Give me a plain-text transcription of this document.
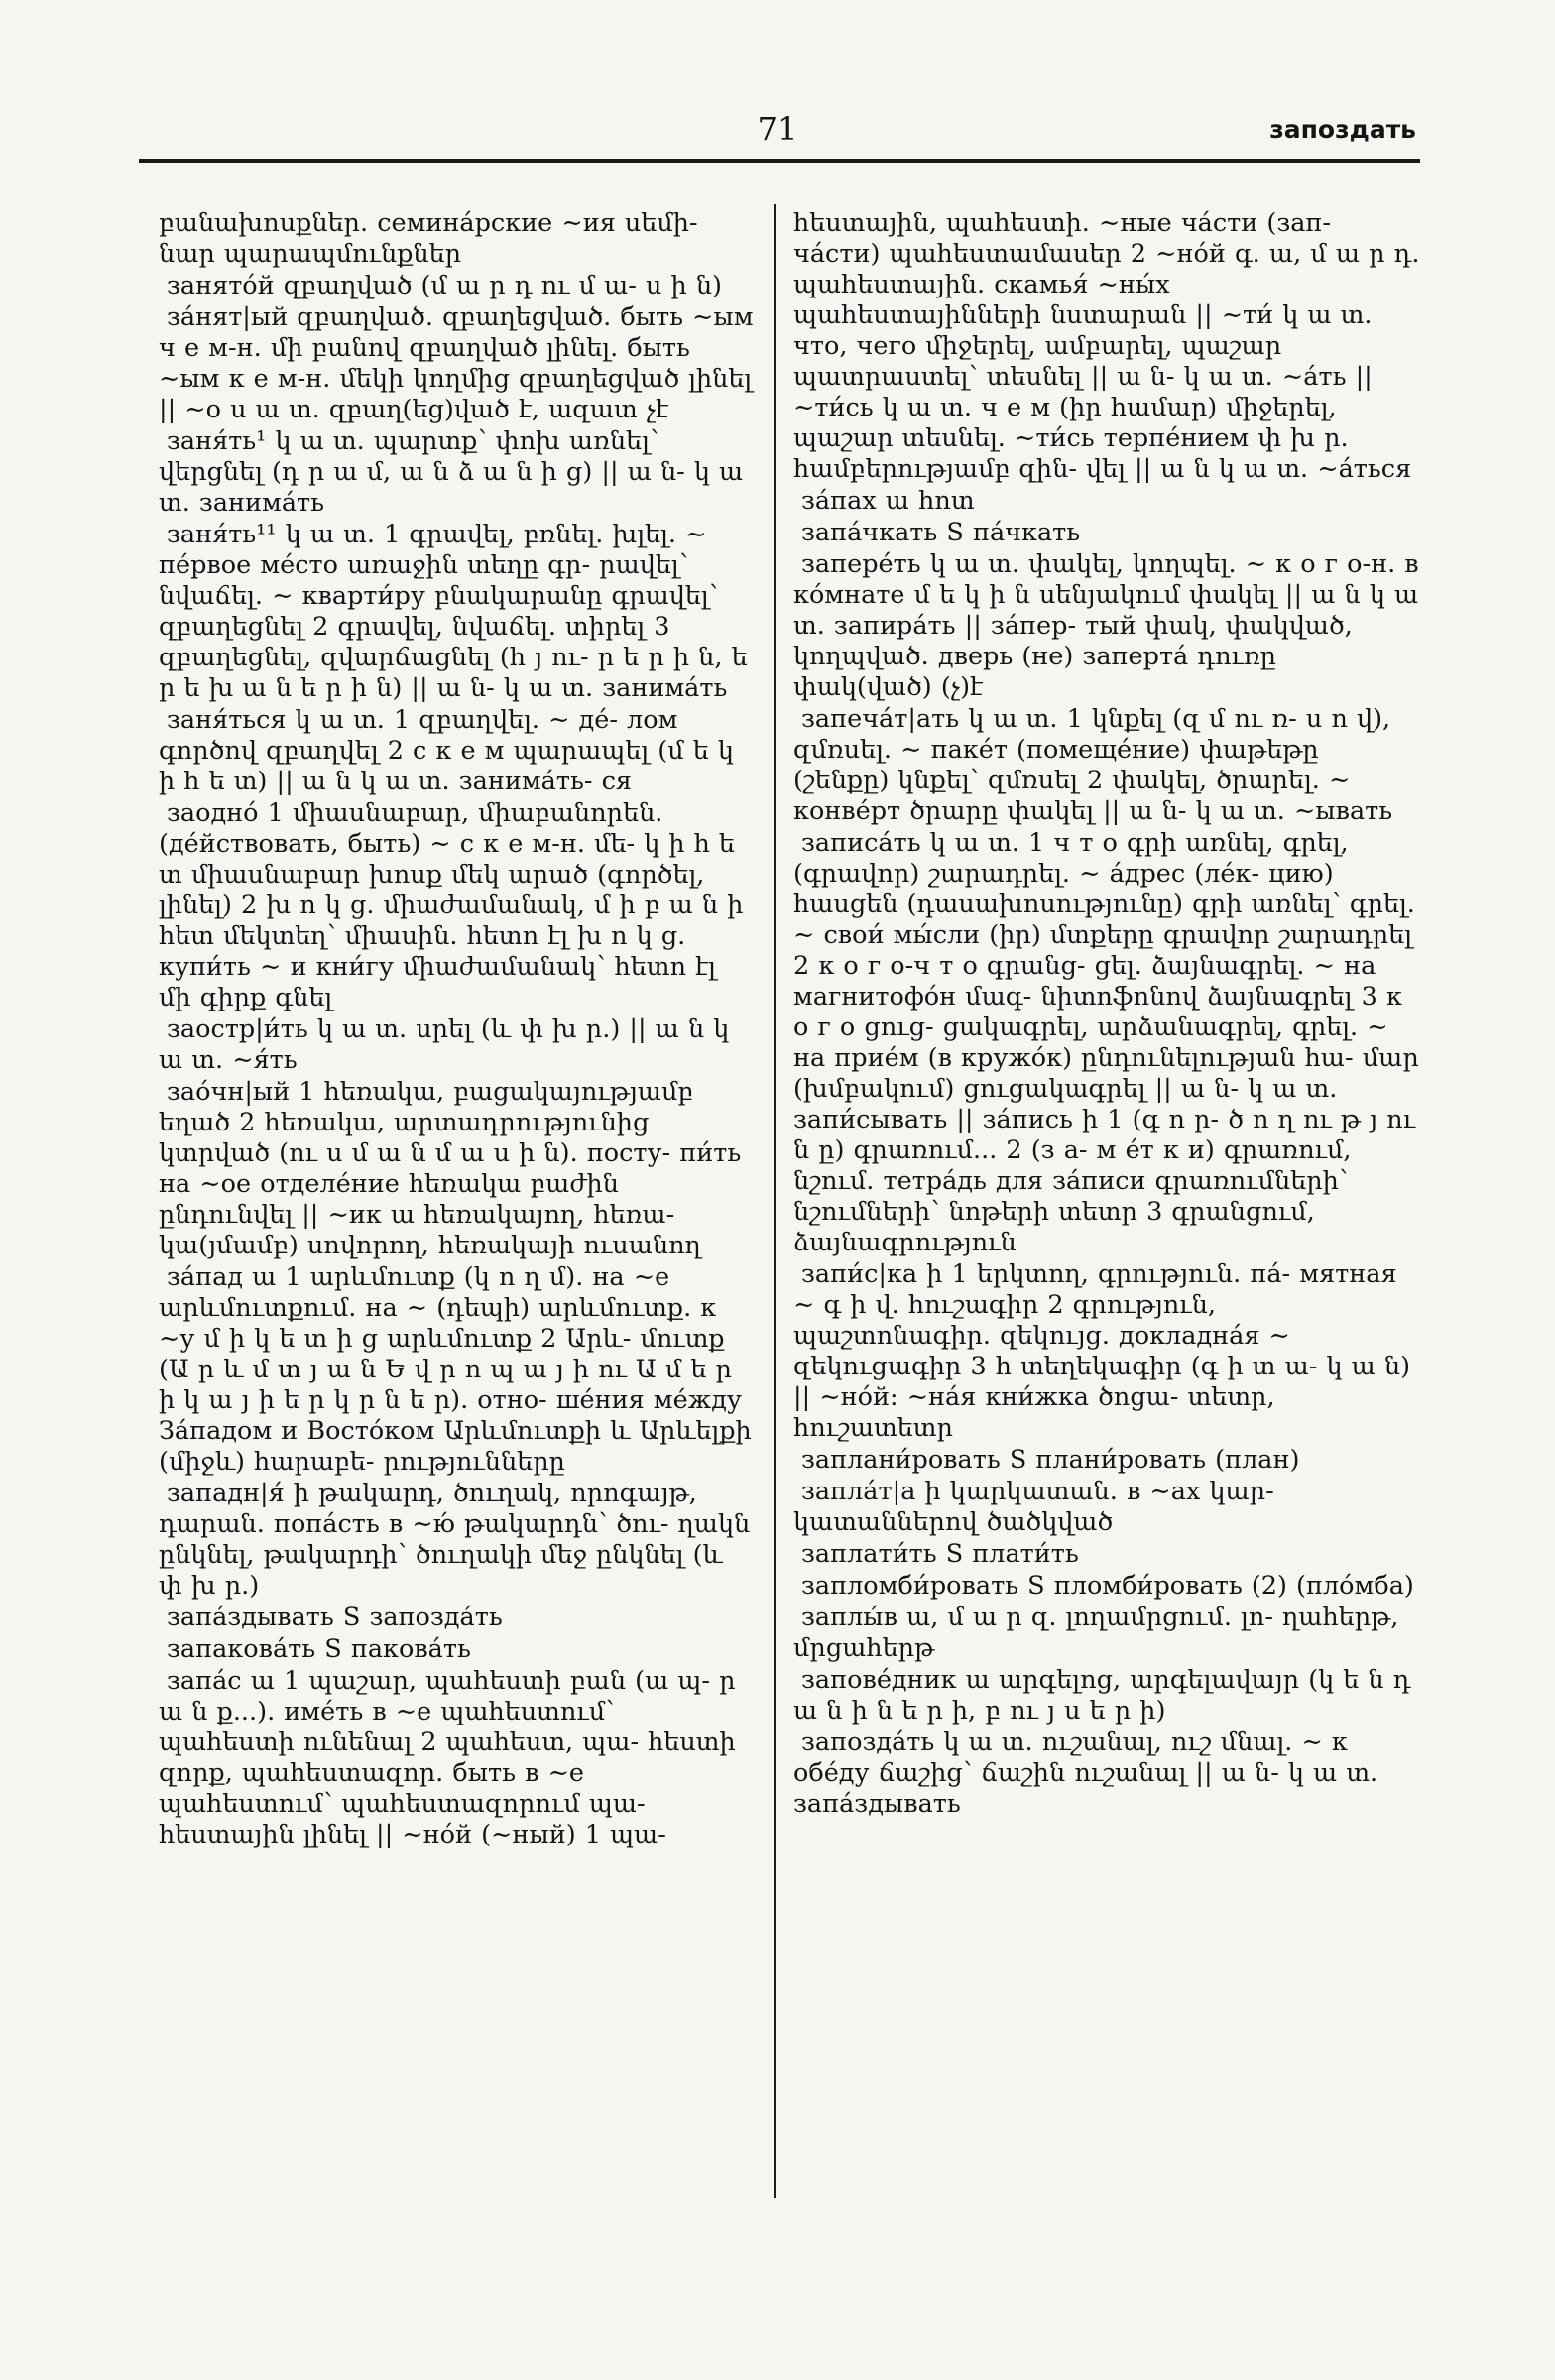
71	запоздать

բանախոսքներ. семина́рские ∼ия սեմի- նար պարապմունքներ

занято́й զբաղված (մ ա ր դ ու մ ա- ս ի ն)

за́нят|ый զբաղված. զբաղեցված. быть ∼ым ч е м-н. մի բանով զբաղված լինել. быть ∼ым к е м-н. մեկի կողմից զբաղեցված լինել || ∼о ս ա տ. զբաղ(եց)ված է, ազատ չէ

заня́ть¹ կ ա տ. պարտք՝ փոխ առնել՝ վերցնել (դ ր ա մ, ա ն ձ ա ն ի ց) || ա ն- կ ա տ. занима́ть

заня́ть¹¹ կ ա տ. 1 գրավել, բռնել. խլել. ∼ пе́рвое ме́сто առաջին տեղը գր- րավել՝ նվաճել. ∼ кварти́ру բնակարանը գրավել՝ զբաղեցնել 2 գրավել, նվաճել. տիրել 3 զբաղեցնել, զվարճացնել (հ յ ու- ր ե ր ի ն, ե ր ե խ ա ն ե ր ի ն) || ա ն- կ ա տ. занима́ть

заня́ться կ ա տ. 1 զբաղվել. ∼ де́- лом գործով զբաղվել 2 с к е м պարապել (մ ե կ ի հ ե տ) || ա ն կ ա տ. занима́ть- ся

заодно́ 1 միասնաբար, միաբանորեն. (де́йствовать, быть) ∼ с к е м-н. մե- կ ի հ ե տ միասնաբար խոսք մեկ արած (գործել, լինել) 2 խ ո կ ց. միաժամանակ, մ ի բ ա ն ի հետ մեկտեղ՝ միասին. հետո էլ խ ո կ ց. купи́ть ∼ и кни́гу միաժամանակ՝ հետո էլ մի գիրք գնել

заостр|и́ть կ ա տ. սրել (և փ խ ր.) || ա ն կ ա տ. ∼я́ть

зао́чн|ый 1 հեռակա, բացակայությամբ եղած 2 հեռակա, արտադրությունից կտրված (ու ս մ ա ն մ ա ս ի ն). посту- пи́ть на ∼ое отделе́ние հեռակա բաժին ընդունվել || ∼ик ա հեռակայող, հեռա- կա(յմամբ) սովորող, հեռակայի ուսանող

за́пад ա 1 արևմուտք (կ ո ղ մ). на ∼е արևմուտքում. на ∼ (դեպի) արևմուտք. к ∼у մ ի կ ե տ ի ց արևմուտք 2 Արև- մուտք (Ա ր և մ տ յ ա ն Ե վ ր ո պ ա յ ի ու Ա մ ե ր ի կ ա յ ի ե ր կ ր ն ե ր). отно- ше́ния ме́жду За́падом и Восто́ком Արևմուտքի և Արևելքի (միջև) հարաբե- րությունները

западн|я́ ի թակարդ, ծուղակ, որոգայթ, դարան. попа́сть в ∼ю́ թակարդն՝ ծու- ղակն ընկնել, թակարդի՝ ծուղակի մեջ ընկնել (և փ խ ր.)

запа́здывать S запозда́ть

запакова́ть S пакова́ть

запа́с ա 1 պաշար, պահեստի բան (ա պ- ր ա ն ք...). име́ть в ∼е պահեստում՝ պահեստի ունենալ 2 պահեստ, պա- հեստի զորք, պահեստազոր. быть в ∼е պահեստում՝ պահեստազորում պա- հեստային լինել || ∼но́й (∼ный) 1 պա-

հեստային, պահեստի. ∼ные ча́сти (зап- ча́сти) պահեստամասեր 2 ∼но́й գ. ա, մ ա ր դ. պահեստային. скамья́ ∼ны́х պահեստայինների նստարան || ∼ти́ կ ա տ. что, чего միջերել, ամբարել, պաշար պատրաստել՝ տեսնել || ա ն- կ ա տ. ∼а́ть || ∼ти́сь կ ա տ. ч е м (իր համար) միջերել, պաշար տեսնել. ∼ти́сь терпе́нием փ խ ր. համբերությամբ զին- վել || ա ն կ ա տ. ∼а́ться

за́пах ա հոտ

запа́чкать S па́чкать

запере́ть կ ա տ. փակել, կողպել. ∼ к о г о-н. в ко́мнате մ ե կ ի ն սենյակում փակել || ա ն կ ա տ. запира́ть || за́пер- тый փակ, փակված, կողպված. дверь (не) заперта́ դուռը փակ(ված) (չ)է

запеча́т|ать կ ա տ. 1 կնքել (զ մ ու ռ- ս ո վ), զմռսել. ∼ паке́т (помеще́ние) փաթեթը (շենքը) կնքել՝ զմռսել 2 փակել, ծրարել. ∼ конве́рт ծրարը փակել || ա ն- կ ա տ. ∼ывать

записа́ть կ ա տ. 1 ч т о գրի առնել, գրել, (գրավոր) շարադրել. ∼ а́дрес (ле́к- цию) հասցեն (դասախոսությունը) գրի առնել՝ գրել. ∼ свои́ мы́сли (իր) մտքերը գրավոր շարադրել 2 к о г о-ч т о գրանց- ցել. ձայնագրել. ∼ на магнитофо́н մագ- նիտոֆոնով ձայնագրել 3 к о г о ցուց- ցակագրել, արձանագրել, գրել. ∼ на прие́м (в кружо́к) ընդունելության հա- մար (խմբակում) ցուցակագրել || ա ն- կ ա տ. запи́сывать || за́пись ի 1 (գ ո ր- ծ ո ղ ու թ յ ու ն ը) գրառում... 2 (з а- м е́т к и) գրառում, նշում. тетра́дь для за́писи գրառումների՝ նշումների՝ նոթերի տետր 3 գրանցում, ձայնագրություն

запи́с|ка ի 1 երկտող, գրություն. па́- мятная ∼ գ ի վ. հուշագիր 2 գրություն, պաշտոնագիր. զեկույց. докладна́я ∼ զեկուցագիր 3 հ տեղեկագիր (գ ի տ ա- կ ա ն) || ∼но́й: ∼на́я кни́жка ծոցա- տետր, հուշատետր

заплани́ровать S плани́ровать (план)

запла́т|а ի կարկատան. в ∼ах կար- կատաններով ծածկված

заплати́ть S плати́ть

запломби́ровать S пломби́ровать (2) (пло́мба)

заплы́в ա, մ ա ր զ. լողամրցում. լո- ղահերթ, մրցահերթ

запове́дник ա արգելոց, արգելավայր (կ ե ն դ ա ն ի ն ե ր ի, բ ու յ ս ե ր ի)

запозда́ть կ ա տ. ուշանալ, ուշ մնալ. ∼ к обе́ду ճաշից՝ ճաշին ուշանալ || ա ն- կ ա տ. запа́здывать
